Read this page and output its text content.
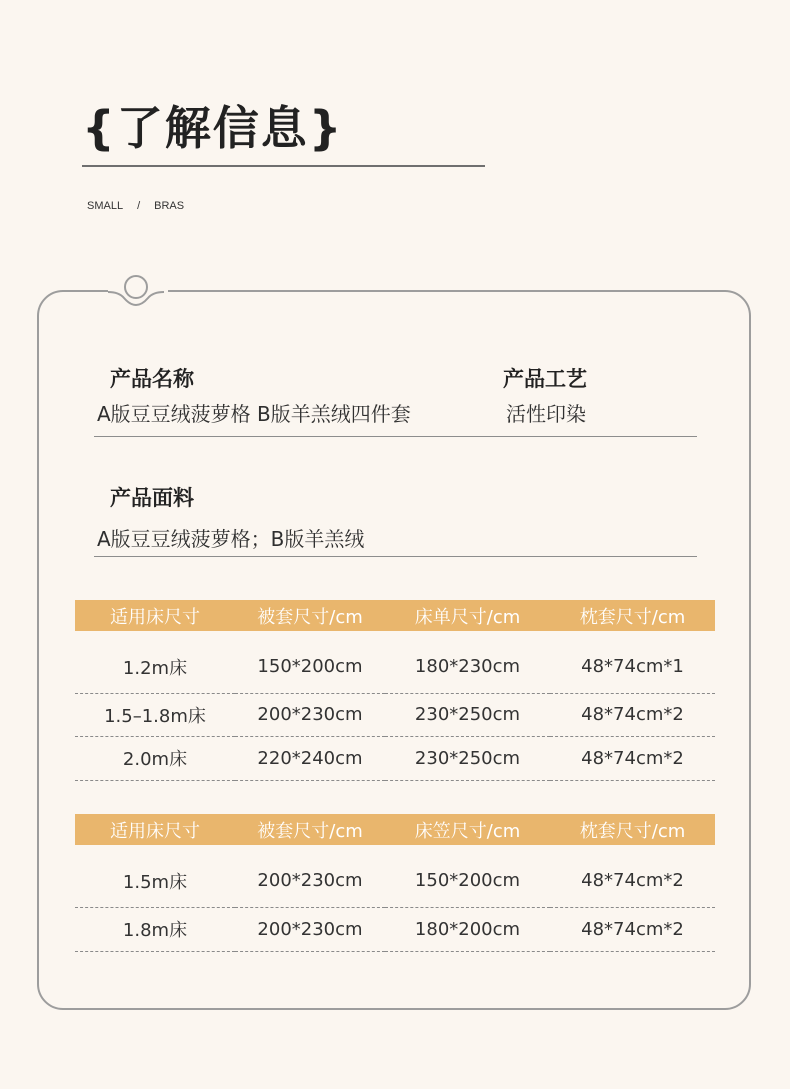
{了解信息}
SMALL / BRAS
产品名称
A版豆豆绒菠萝格 B版羊羔绒四件套
产品工艺
活性印染
产品面料
A版豆豆绒菠萝格；B版羊羔绒
适用床尺寸	被套尺寸/cm	床单尺寸/cm	枕套尺寸/cm
1.2m床	150*200cm	180*230cm	48*74cm*1
1.5–1.8m床	200*230cm	230*250cm	48*74cm*2
2.0m床	220*240cm	230*250cm	48*74cm*2
适用床尺寸	被套尺寸/cm	床笠尺寸/cm	枕套尺寸/cm
1.5m床	200*230cm	150*200cm	48*74cm*2
1.8m床	200*230cm	180*200cm	48*74cm*2
